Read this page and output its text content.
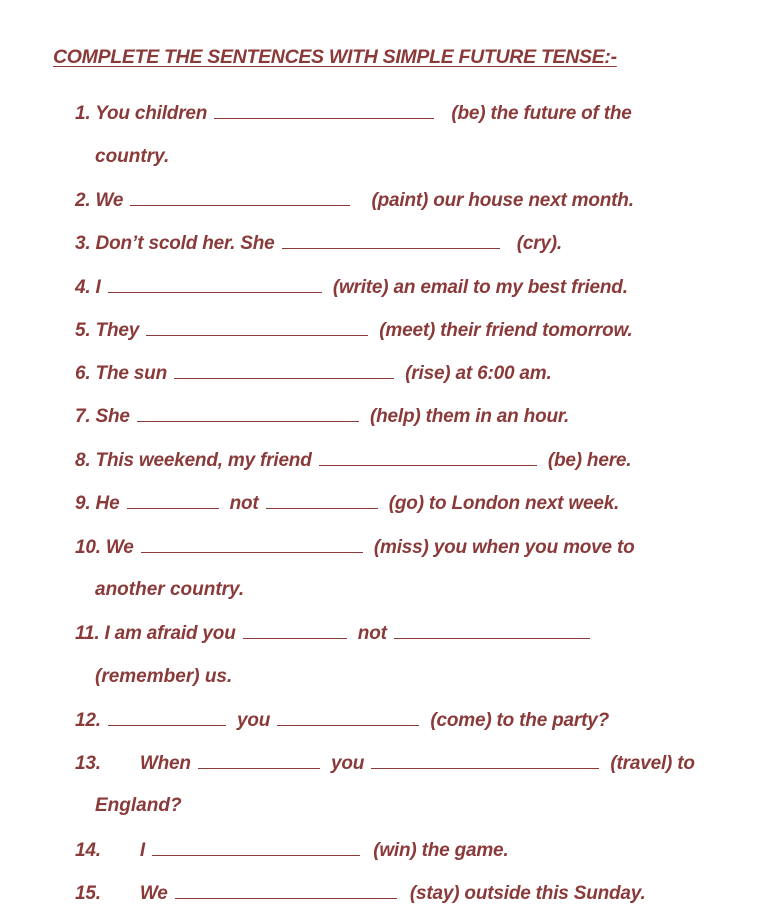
COMPLETE THE SENTENCES WITH SIMPLE FUTURE TENSE:-
1. You children	(be) the future of the
country.
2. We	(paint) our house next month.
3. Don’t scold her. She	(cry).
4. I	(write) an email to my best friend.
5. They	(meet) their friend tomorrow.
6. The sun	(rise) at 6:00 am.
7. She	(help) them in an hour.
8. This weekend, my friend	(be) here.
9. He	not	(go) to London next week.
10. We	(miss) you when you move to
another country.
11. I am afraid you	not
(remember) us.
12.	you	(come) to the party?
13. When	you	(travel) to
England?
14. I	(win) the game.
15. We	(stay) outside this Sunday.
